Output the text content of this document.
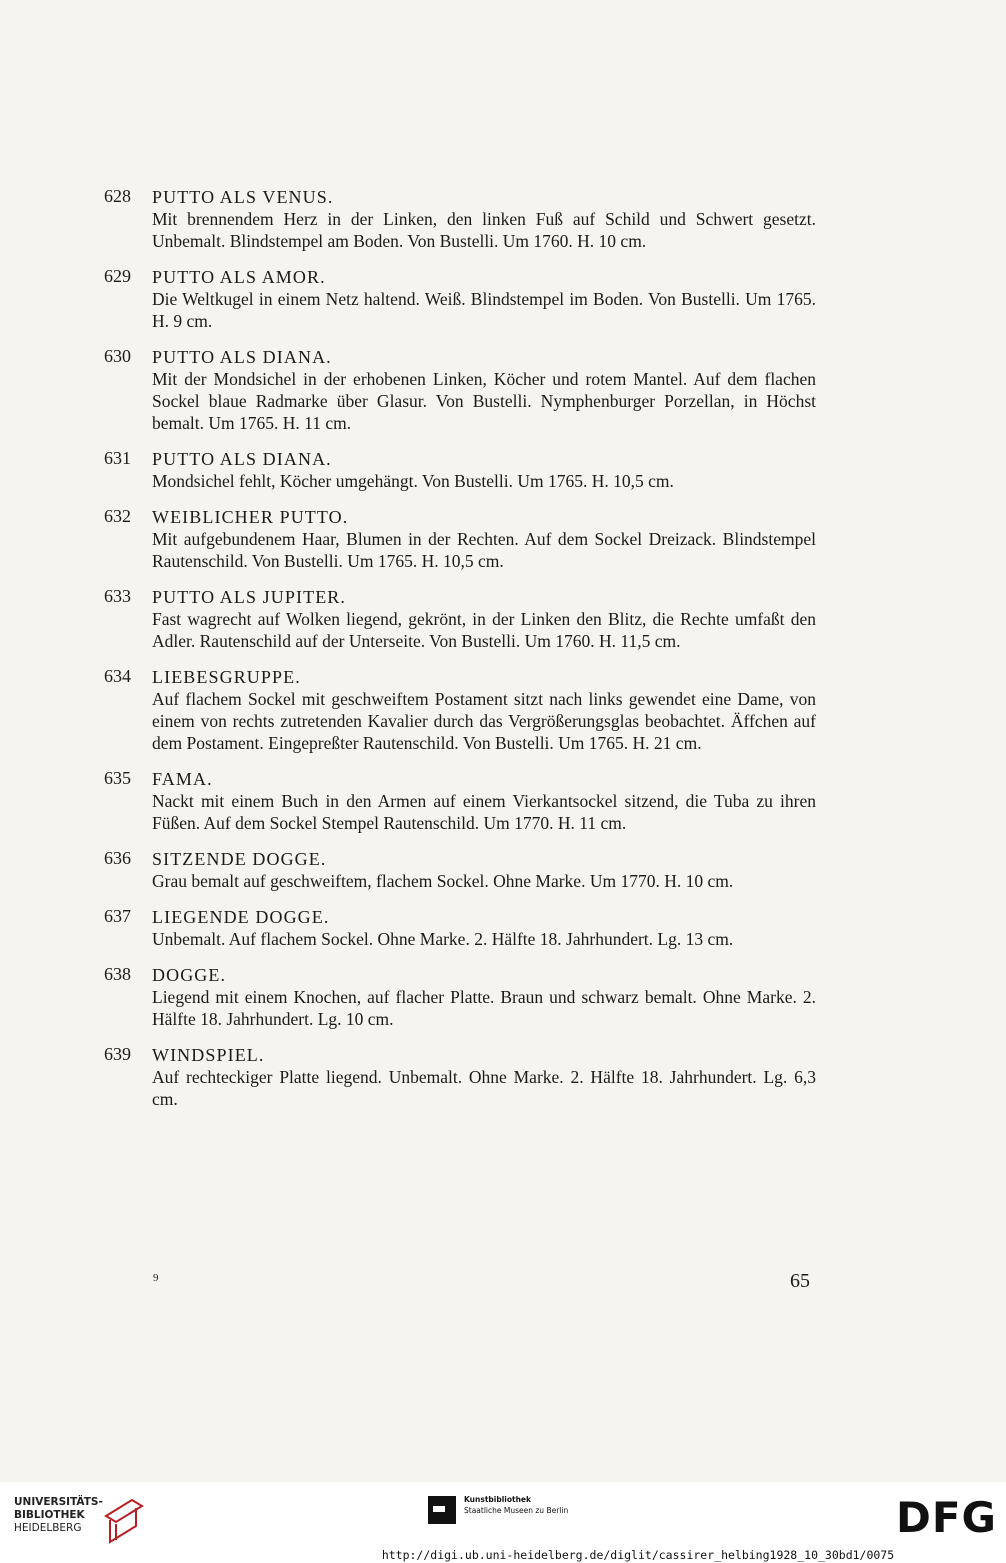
628	PUTTO ALS VENUS.
Mit brennendem Herz in der Linken, den linken Fuß auf Schild und Schwert gesetzt. Unbemalt. Blindstempel am Boden. Von Bustelli. Um 1760. H. 10 cm.
629	PUTTO ALS AMOR.
Die Weltkugel in einem Netz haltend. Weiß. Blindstempel im Boden. Von Bustelli. Um 1765. H. 9 cm.
630	PUTTO ALS DIANA.
Mit der Mondsichel in der erhobenen Linken, Köcher und rotem Mantel. Auf dem flachen Sockel blaue Radmarke über Glasur. Von Bustelli. Nymphenburger Porzellan, in Höchst bemalt. Um 1765. H. 11 cm.
631	PUTTO ALS DIANA.
Mondsichel fehlt, Köcher umgehängt. Von Bustelli. Um 1765. H. 10,5 cm.
632	WEIBLICHER PUTTO.
Mit aufgebundenem Haar, Blumen in der Rechten. Auf dem Sockel Dreizack. Blindstempel Rautenschild. Von Bustelli. Um 1765. H. 10,5 cm.
633	PUTTO ALS JUPITER.
Fast wagrecht auf Wolken liegend, gekrönt, in der Linken den Blitz, die Rechte umfaßt den Adler. Rautenschild auf der Unterseite. Von Bustelli. Um 1760. H. 11,5 cm.
634	LIEBESGRUPPE.
Auf flachem Sockel mit geschweiftem Postament sitzt nach links gewendet eine Dame, von einem von rechts zutretenden Kavalier durch das Vergrößerungsglas beobachtet. Äffchen auf dem Postament. Eingepreßter Rautenschild. Von Bustelli. Um 1765. H. 21 cm.
635	FAMA.
Nackt mit einem Buch in den Armen auf einem Vierkantsockel sitzend, die Tuba zu ihren Füßen. Auf dem Sockel Stempel Rautenschild. Um 1770. H. 11 cm.
636	SITZENDE DOGGE.
Grau bemalt auf geschweiftem, flachem Sockel. Ohne Marke. Um 1770. H. 10 cm.
637	LIEGENDE DOGGE.
Unbemalt. Auf flachem Sockel. Ohne Marke. 2. Hälfte 18. Jahrhundert. Lg. 13 cm.
638	DOGGE.
Liegend mit einem Knochen, auf flacher Platte. Braun und schwarz bemalt. Ohne Marke. 2. Hälfte 18. Jahrhundert. Lg. 10 cm.
639	WINDSPIEL.
Auf rechteckiger Platte liegend. Unbemalt. Ohne Marke. 2. Hälfte 18. Jahrhundert. Lg. 6,3 cm.
9	65
UNIVERSITÄTS-
BIBLIOTHEK
HEIDELBERG
Kunstbibliothek
Staatliche Museen zu Berlin	DFG
http://digi.ub.uni-heidelberg.de/diglit/cassirer_helbing1928_10_30bd1/0075
